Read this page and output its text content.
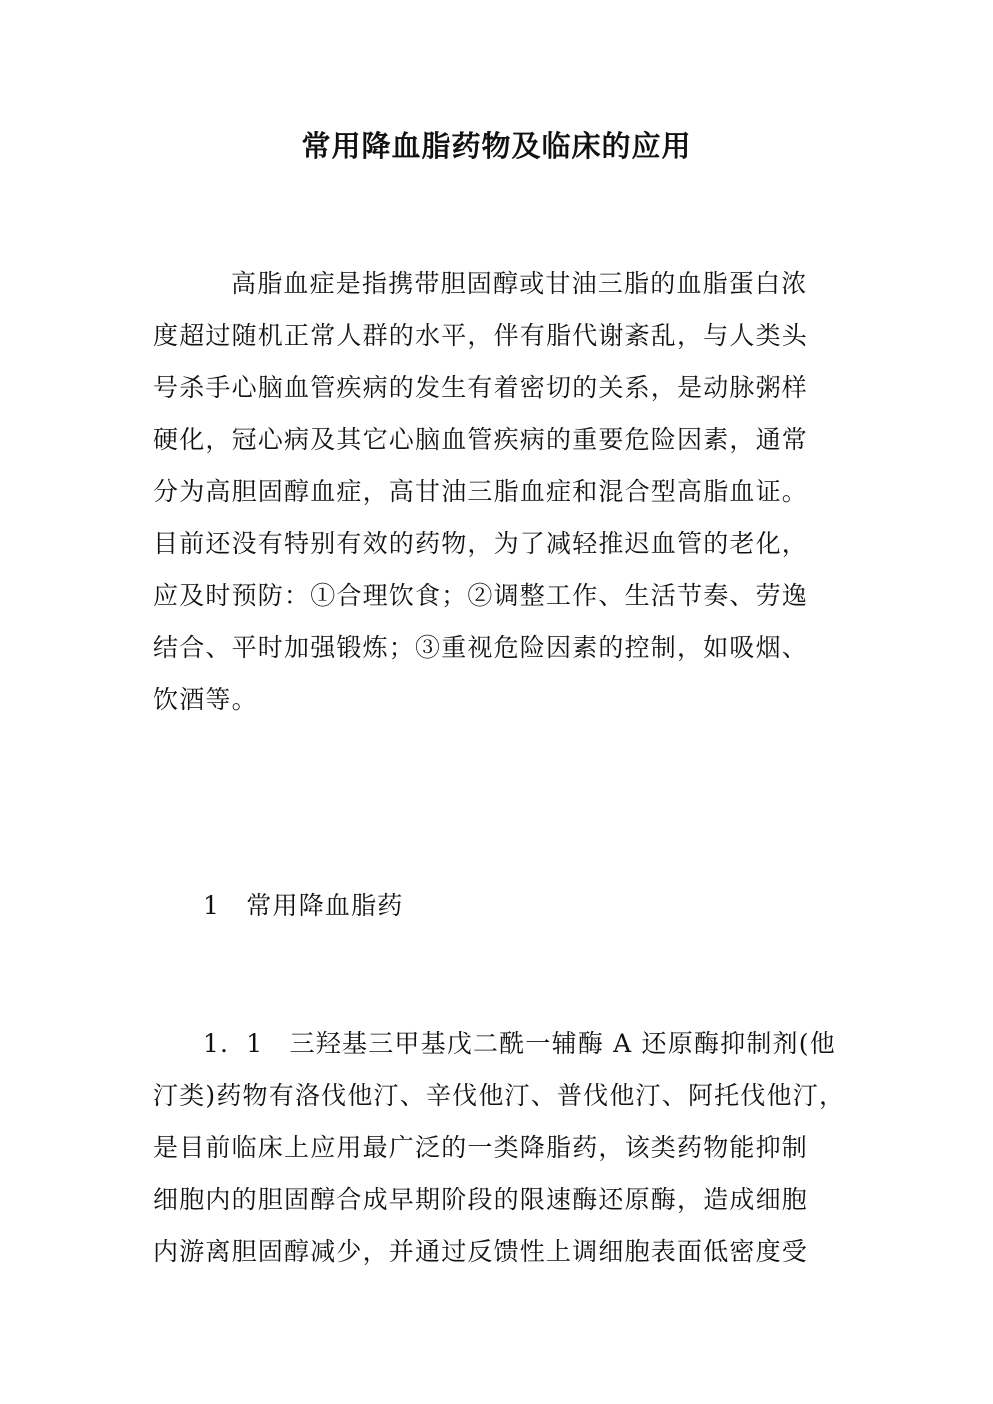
常用降血脂药物及临床的应用
高脂血症是指携带胆固醇或甘油三脂的血脂蛋白浓
度超过随机正常人群的水平，伴有脂代谢紊乱，与人类头
号杀手心脑血管疾病的发生有着密切的关系，是动脉粥样
硬化，冠心病及其它心脑血管疾病的重要危险因素，通常
分为高胆固醇血症，高甘油三脂血症和混合型高脂血证。
目前还没有特别有效的药物，为了减轻推迟血管的老化，
应及时预防：①合理饮食；②调整工作、生活节奏、劳逸
结合、平时加强锻炼；③重视危险因素的控制，如吸烟、
饮酒等。
1　常用降血脂药
1．1　三羟基三甲基戊二酰一辅酶 A 还原酶抑制剂(他
汀类)药物有洛伐他汀、辛伐他汀、普伐他汀、阿托伐他汀，
是目前临床上应用最广泛的一类降脂药，该类药物能抑制
细胞内的胆固醇合成早期阶段的限速酶还原酶，造成细胞
内游离胆固醇减少，并通过反馈性上调细胞表面低密度受
